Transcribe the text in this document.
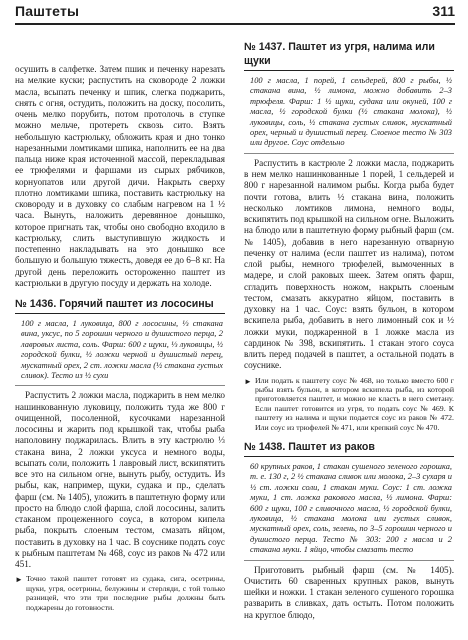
Паштеты	311

осушить в салфетке. Затем пшик и печенку нарезать на мелкие куски; распустить на сковороде 2 ложки масла, всыпать печенку и шпик, слегка поджарить, снять с огня, остудить, положить на доску, посолить, очень мелко порубить, потом протолочь в ступке можно мельче, протереть сквозь сито. Взять небольшую кастрюльку, обложить края и дно тонко нарезанными ломтиками шпика, наполнить ее на два пальца ниже края источенной массой, перекладывая ее трюфелями и фаршами из сырых рябчиков, корнуопатов или другой дичи. Накрыть сверху плотно ломтиками шпика, поставить кастрюльку на сковороду и в духовку со слабым нагревом на 1 ½ часа. Вынуть, наложить деревянное донышко, которое пригнать так, чтобы оно свободно входило в кастрюльку, слить выступившую жидкость и постепенно накладывать на это донышко все большую и большую тяжесть, доведя ее до 6–8 кг. На другой день переложить остороженно паштет из кастрюльки в другую посуду и держать на холоде.

№ 1436. Горячий паштет из лососины

100 г масла, 1 луковица, 800 г лососины, ⅓ стакана вина, уксус, по 5 горошин черного и душистого перца, 2 лавровых листа, соль. Фарш: 600 г щуки, ⅓ луковицы, ½ городской булки, ½ ложки черной и душистый перец, мускатный орех, 2 ст. ложки масла (½ стакана густых сливок). Тесто из ½ сухи

Распустить 2 ложки масла, поджарить в нем мелко нашинкованную луковицу, положить туда же 800 г очищенной, посоленной, кусочками нарезанной лососины и жарить под крышкой так, чтобы рыба наполовину поджарилась. Влить в эту кастрюлю ⅓ стакана вина, 2 ложки уксуса и немного воды, всыпать соли, положить 1 лавровый лист, вскипятить все это на сильном огне, вынуть рыбу, остудить. Из рыбы, как, например, щуки, судака и пр., сделать фарш (см. № 1405), уложить в паштетную форму или просто на блюдо слой фарша, слой лососины, залить стаканом процеженного соуса, в котором кипела рыба, покрыть слоеным тестом, смазать яйцом, поставить в духовку на 1 час. В соуснике подать соус к рыбным паштетам № 468, соус из раков № 472 или 451.

► Точно такой паштет готовят из судака, сига, осетрины, щуки, угря, осетрины, белужины и стерляди, с той только разницей, что эти три последние рыбы должны быть поджарены до готовности.

№ 1437. Паштет из угря, налима или щуки

100 г масла, 1 порей, 1 сельдерей, 800 г рыбы, ½ стакана вина, ½ лимона, можно добавить 2–3 трюфеля. Фарш: 1 ½ щуки, судака или окуней, 100 г масла, ½ городской булки (½ стакана молока), ½ луковицы, соль, ½ стакана густых сливок, мускатный орех, черный и душистый перец. Слоеное тесто № 303 или другое. Соус отдельно

Распустить в кастрюле 2 ложки масла, поджарить в нем мелко нашинкованные 1 порей, 1 сельдерей и 800 г нарезанной налимом рыбы. Когда рыба будет почти готова, влить ½ стакана вина, положить несколько ломтиков лимона, немного воды, вскипятить под крышкой на сильном огне. Выложить на блюдо или в паштетную форму рыбный фарш (см. № 1405), добавив в него нарезанную отварную печенку от налима (если паштет из налима), потом слой рыбы, немного трюфелей, вымоченных в мадере, и слой раковых шеек. Затем опять фарш, сгладить поверхность ножом, накрыть слоеным тестом, смазать аккуратно яйцом, поставить в духовку на 1 час. Соус: взять бульон, в котором вскипела рыба, добавить в него лимонный сок и ½ ложки муки, поджаренной в 1 ложке масла из сардинок № 398, вскипятить. 1 стакан этого соуса влить перед подачей в паштет, а остальной подать в соуснике.

► Или подать к паштету соус № 468, но только вместо 600 г рыбы взять бульон, в котором вскипела рыба, из которой приготовляется паштет, и можно не класть в него сметану. Если паштет готовится из угря, то подать соус № 469. К паштету из налима и щуки подается соус из раков № 472. Или соус из трюфелей № 471, или крепкий соус № 470.

№ 1438. Паштет из раков

60 крупных раков, 1 стакан сушеного зеленого горошка, т. е. 130 г, 2 ½ стакана сливок или молока, 2–3 сухаря и ½ ст. ложки соли, 1 стакан муки. Соус: 1 ст. ложка муки, 1 ст. ложка ракового масла, ½ лимона. Фарш: 600 г щуки, 100 г сливочного масла, ½ городской булки, луковица, ½ стакана молока или густых сливок, мускатный орех, соль, зелень, по 3–5 горошин черного и душистого перца. Тесто № 303: 200 г масла и 2 стакана муки. 1 яйцо, чтобы смазать тесто

Приготовить рыбный фарш (см. № 1405). Очистить 60 сваренных крупных раков, вынуть шейки и ножки. 1 стакан зеленого сушеного горошка разварить в сливках, дать остыть. Потом положить на круглое блюдо,
